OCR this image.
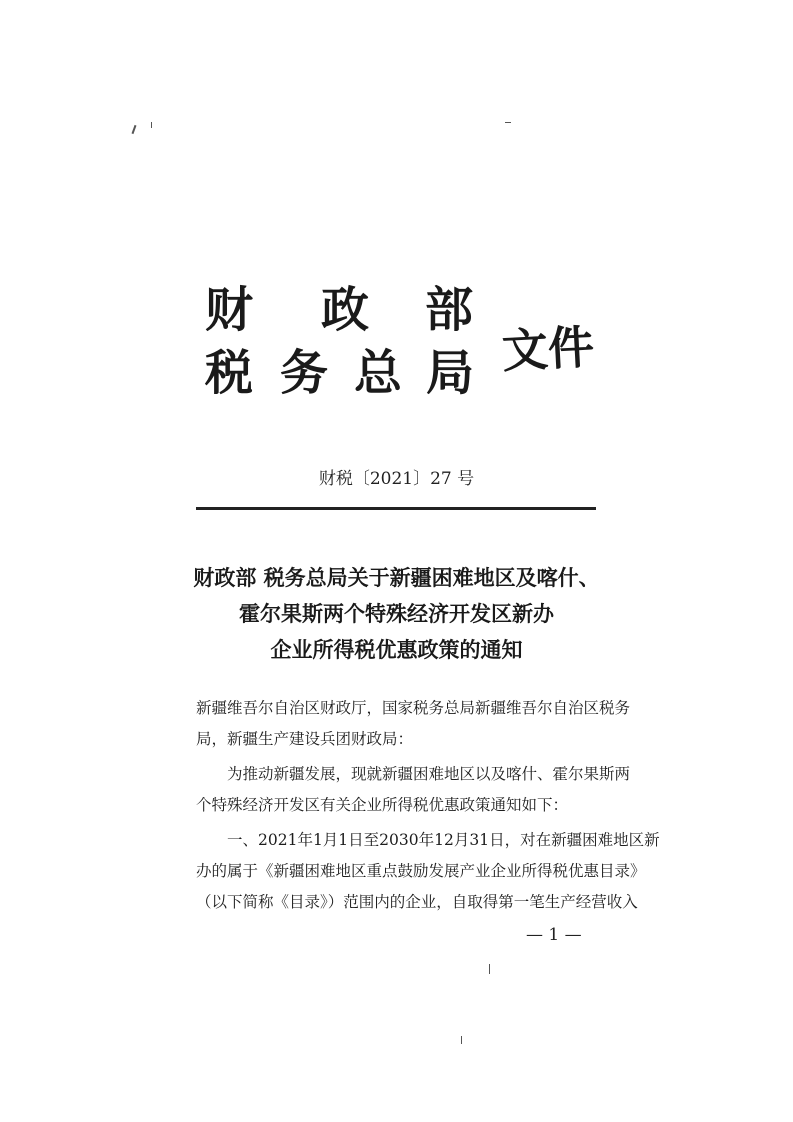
财 政 部
税 务 总 局 文件
财税〔2021〕27 号
财政部 税务总局关于新疆困难地区及喀什、
霍尔果斯两个特殊经济开发区新办
企业所得税优惠政策的通知
新疆维吾尔自治区财政厅，国家税务总局新疆维吾尔自治区税务
局，新疆生产建设兵团财政局：
　　为推动新疆发展，现就新疆困难地区以及喀什、霍尔果斯两
个特殊经济开发区有关企业所得税优惠政策通知如下：
　　一、2021年1月1日至2030年12月31日，对在新疆困难地区新
办的属于《新疆困难地区重点鼓励发展产业企业所得税优惠目录》
（以下简称《目录》）范围内的企业，自取得第一笔生产经营收入
— 1 —
